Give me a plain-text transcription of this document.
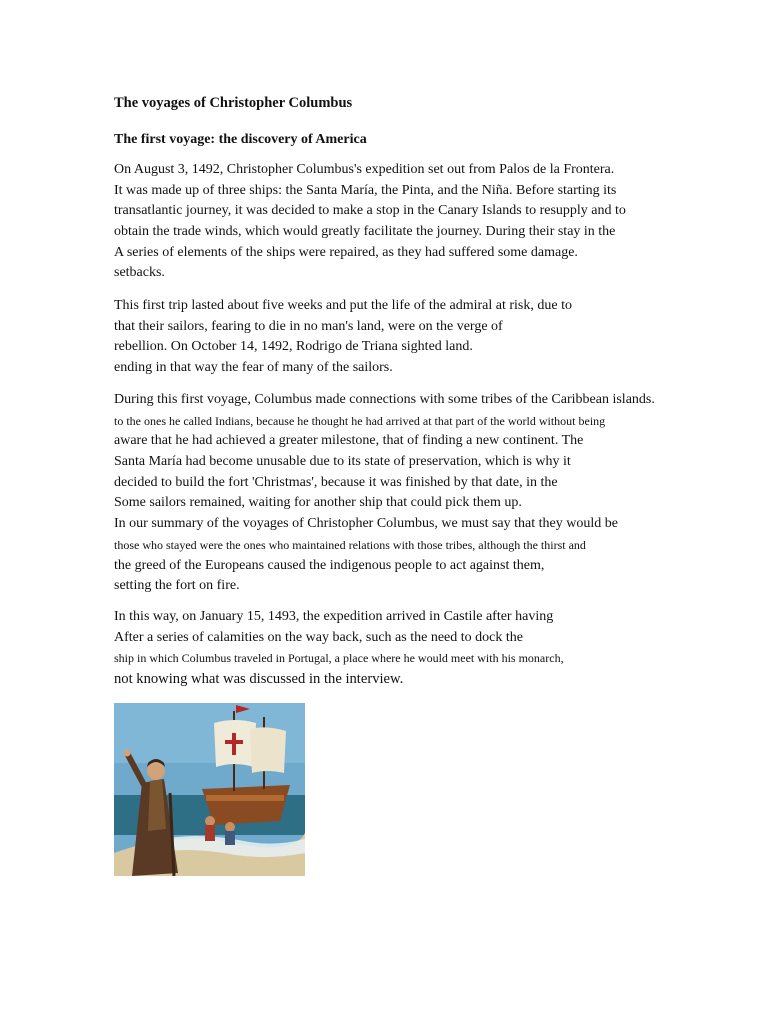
The voyages of Christopher Columbus
The first voyage: the discovery of America
On August 3, 1492, Christopher Columbus's expedition set out from Palos de la Frontera.
It was made up of three ships: the Santa María, the Pinta, and the Niña. Before starting its
transatlantic journey, it was decided to make a stop in the Canary Islands to resupply and to
obtain the trade winds, which would greatly facilitate the journey. During their stay in the
A series of elements of the ships were repaired, as they had suffered some damage.
setbacks.
This first trip lasted about five weeks and put the life of the admiral at risk, due to
that their sailors, fearing to die in no man's land, were on the verge of
rebellion. On October 14, 1492, Rodrigo de Triana sighted land.
ending in that way the fear of many of the sailors.
During this first voyage, Columbus made connections with some tribes of the Caribbean islands.
to the ones he called Indians, because he thought he had arrived at that part of the world without being
aware that he had achieved a greater milestone, that of finding a new continent. The
Santa María had become unusable due to its state of preservation, which is why it
decided to build the fort 'Christmas', because it was finished by that date, in the
Some sailors remained, waiting for another ship that could pick them up.
In our summary of the voyages of Christopher Columbus, we must say that they would be
those who stayed were the ones who maintained relations with those tribes, although the thirst and
the greed of the Europeans caused the indigenous people to act against them,
setting the fort on fire.
In this way, on January 15, 1493, the expedition arrived in Castile after having
After a series of calamities on the way back, such as the need to dock the
ship in which Columbus traveled in Portugal, a place where he would meet with his monarch,
not knowing what was discussed in the interview.
